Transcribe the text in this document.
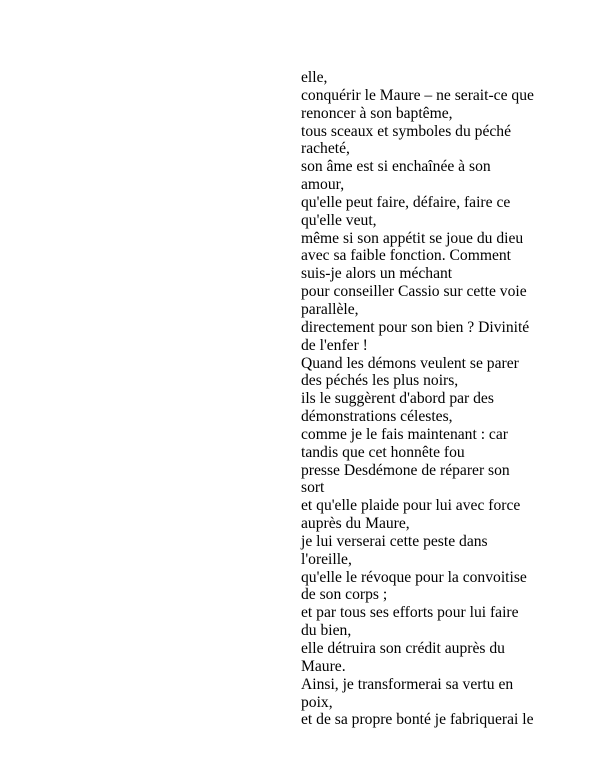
elle,
conquérir le Maure – ne serait-ce que
renoncer à son baptême,
tous sceaux et symboles du péché
racheté,
son âme est si enchaînée à son
amour,
qu'elle peut faire, défaire, faire ce
qu'elle veut,
même si son appétit se joue du dieu
avec sa faible fonction. Comment
suis-je alors un méchant
pour conseiller Cassio sur cette voie
parallèle,
directement pour son bien ? Divinité
de l'enfer !
Quand les démons veulent se parer
des péchés les plus noirs,
ils le suggèrent d'abord par des
démonstrations célestes,
comme je le fais maintenant : car
tandis que cet honnête fou
presse Desdémone de réparer son
sort
et qu'elle plaide pour lui avec force
auprès du Maure,
je lui verserai cette peste dans
l'oreille,
qu'elle le révoque pour la convoitise
de son corps ;
et par tous ses efforts pour lui faire
du bien,
elle détruira son crédit auprès du
Maure.
Ainsi, je transformerai sa vertu en
poix,
et de sa propre bonté je fabriquerai le
